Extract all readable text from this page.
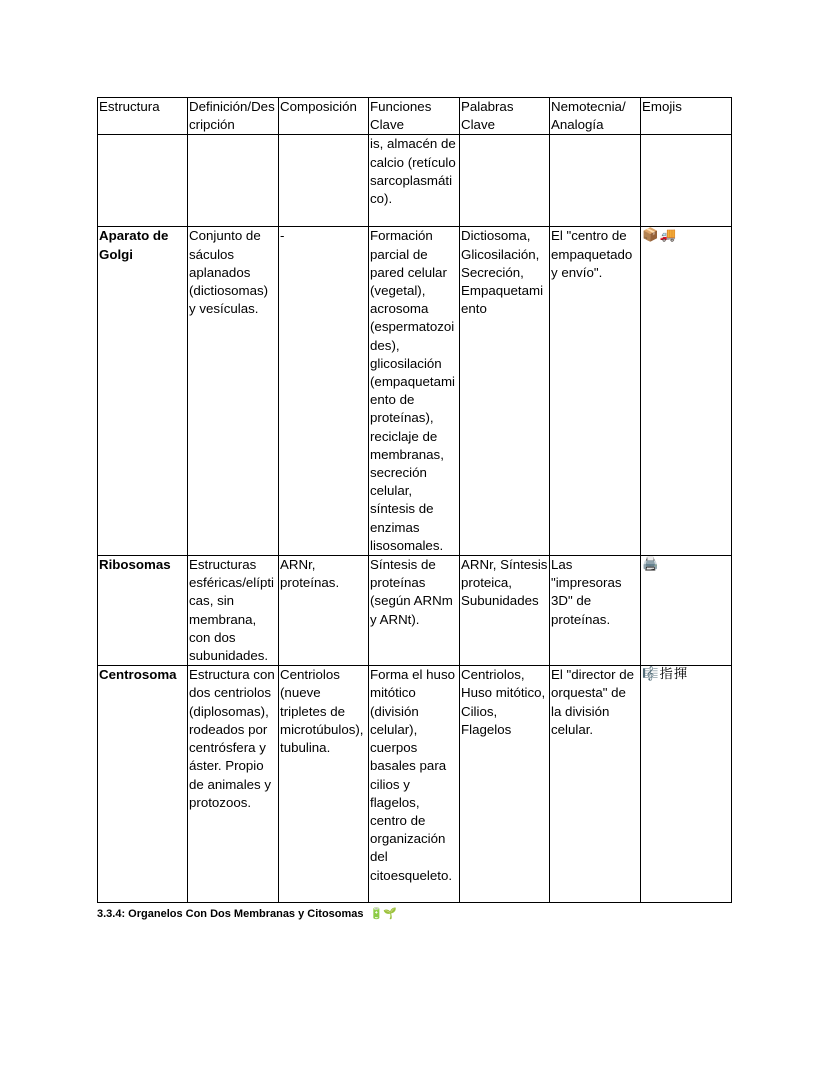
Estructura	Definición/Descripción	Composición	Funciones Clave	Palabras Clave	Nemotecnia/ Analogía	Emojis
			is, almacén de calcio (retículo sarcoplasmático).			
Aparato de Golgi	Conjunto de sáculos aplanados (dictiosomas) y vesículas.	-	Formación parcial de pared celular (vegetal), acrosoma (espermatozoides), glicosilación (empaquetamiento de proteínas), reciclaje de membranas, secreción celular, síntesis de enzimas lisosomales.	Dictiosoma, Glicosilación, Secreción, Empaquetamiento	El "centro de empaquetado y envío".	📦🚚
Ribosomas	Estructuras esféricas/elípticas, sin membrana, con dos subunidades.	ARNr, proteínas.	Síntesis de proteínas (según ARNm y ARNt).	ARNr, Síntesis proteica, Subunidades	Las "impresoras 3D" de proteínas.	🖨️
Centrosoma	Estructura con dos centriolos (diplosomas), rodeados por centrósfera y áster. Propio de animales y protozoos.	Centriolos (nueve tripletes de microtúbulos), tubulina.	Forma el huso mitótico (división celular), cuerpos basales para cilios y flagelos, centro de organización del citoesqueleto.	Centriolos, Huso mitótico, Cilios, Flagelos	El "director de orquesta" de la división celular.	🎼指揮
3.3.4: Organelos Con Dos Membranas y Citosomas 🔋🌱
